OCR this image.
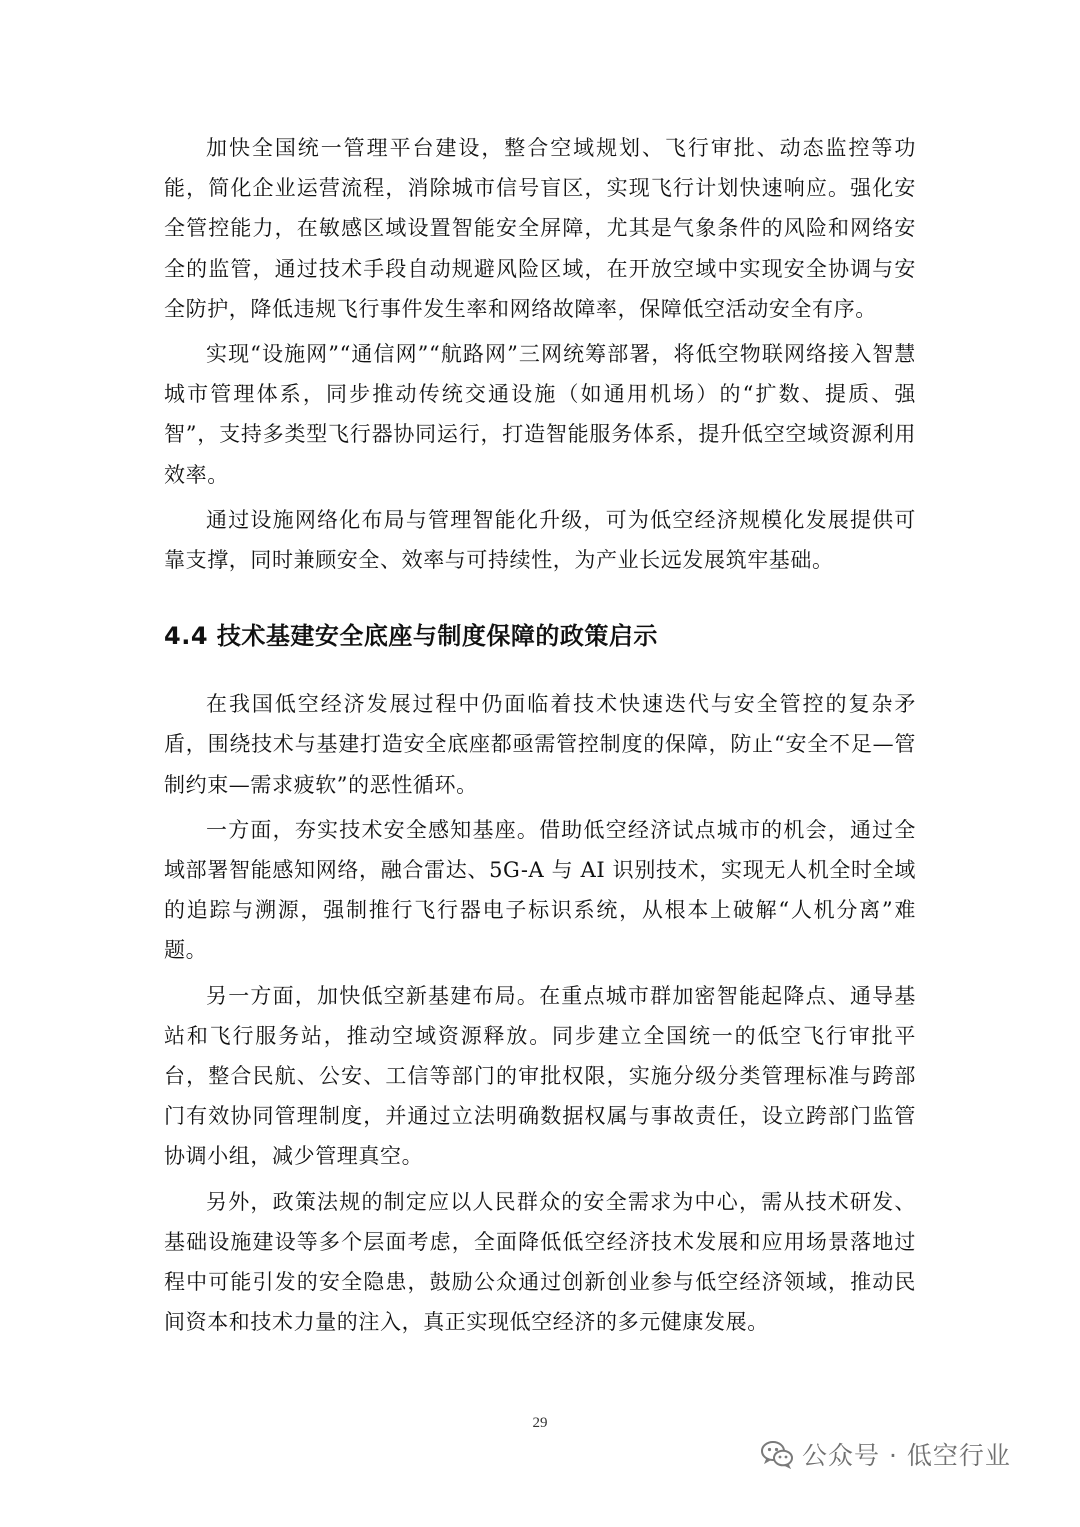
加快全国统一管理平台建设，整合空域规划、飞行审批、动态监控等功能，简化企业运营流程，消除城市信号盲区，实现飞行计划快速响应。强化安全管控能力，在敏感区域设置智能安全屏障，尤其是气象条件的风险和网络安全的监管，通过技术手段自动规避风险区域，在开放空域中实现安全协调与安全防护，降低违规飞行事件发生率和网络故障率，保障低空活动安全有序。

实现“设施网”“通信网”“航路网”三网统筹部署，将低空物联网络接入智慧城市管理体系，同步推动传统交通设施（如通用机场）的“扩数、提质、强智”，支持多类型飞行器协同运行，打造智能服务体系，提升低空空域资源利用效率。

通过设施网络化布局与管理智能化升级，可为低空经济规模化发展提供可靠支撑，同时兼顾安全、效率与可持续性，为产业长远发展筑牢基础。

4.4 技术基建安全底座与制度保障的政策启示

在我国低空经济发展过程中仍面临着技术快速迭代与安全管控的复杂矛盾，围绕技术与基建打造安全底座都亟需管控制度的保障，防止“安全不足—管制约束—需求疲软”的恶性循环。

一方面，夯实技术安全感知基座。借助低空经济试点城市的机会，通过全域部署智能感知网络，融合雷达、5G-A 与 AI 识别技术，实现无人机全时全域的追踪与溯源，强制推行飞行器电子标识系统，从根本上破解“人机分离”难题。

另一方面，加快低空新基建布局。在重点城市群加密智能起降点、通导基站和飞行服务站，推动空域资源释放。同步建立全国统一的低空飞行审批平台，整合民航、公安、工信等部门的审批权限，实施分级分类管理标准与跨部门有效协同管理制度，并通过立法明确数据权属与事故责任，设立跨部门监管协调小组，减少管理真空。

另外，政策法规的制定应以人民群众的安全需求为中心，需从技术研发、基础设施建设等多个层面考虑，全面降低低空经济技术发展和应用场景落地过程中可能引发的安全隐患，鼓励公众通过创新创业参与低空经济领域，推动民间资本和技术力量的注入，真正实现低空经济的多元健康发展。

29
公众号 · 低空行业
